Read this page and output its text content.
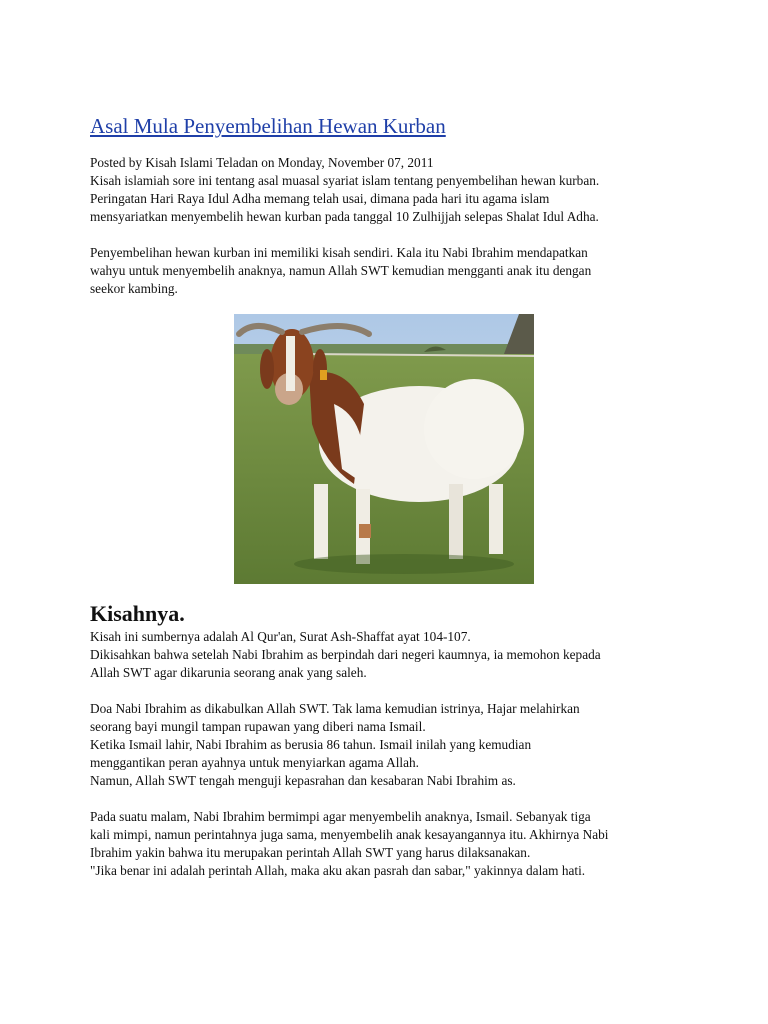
Asal Mula Penyembelihan Hewan Kurban

Posted by Kisah Islami Teladan on Monday, November 07, 2011
Kisah islamiah sore ini tentang asal muasal syariat islam tentang penyembelihan hewan kurban.
Peringatan Hari Raya Idul Adha memang telah usai, dimana pada hari itu agama islam
mensyariatkan menyembelih hewan kurban pada tanggal 10 Zulhijjah selepas Shalat Idul Adha.

Penyembelihan hewan kurban ini memiliki kisah sendiri. Kala itu Nabi Ibrahim mendapatkan
wahyu untuk menyembelih anaknya, namun Allah SWT kemudian mengganti anak itu dengan
seekor kambing.

Kisahnya.

Kisah ini sumbernya adalah Al Qur'an, Surat Ash-Shaffat ayat 104-107.
Dikisahkan bahwa setelah Nabi Ibrahim as berpindah dari negeri kaumnya, ia memohon kepada
Allah SWT agar dikarunia seorang anak yang saleh.

Doa Nabi Ibrahim as dikabulkan Allah SWT. Tak lama kemudian istrinya, Hajar melahirkan
seorang bayi mungil tampan rupawan yang diberi nama Ismail.
Ketika Ismail lahir, Nabi Ibrahim as berusia 86 tahun. Ismail inilah yang kemudian
menggantikan peran ayahnya untuk menyiarkan agama Allah.
Namun, Allah SWT tengah menguji kepasrahan dan kesabaran Nabi Ibrahim as.

Pada suatu malam, Nabi Ibrahim bermimpi agar menyembelih anaknya, Ismail. Sebanyak tiga
kali mimpi, namun perintahnya juga sama, menyembelih anak kesayangannya itu. Akhirnya Nabi
Ibrahim yakin bahwa itu merupakan perintah Allah SWT yang harus dilaksanakan.
"Jika benar ini adalah perintah Allah, maka aku akan pasrah dan sabar," yakinnya dalam hati.
